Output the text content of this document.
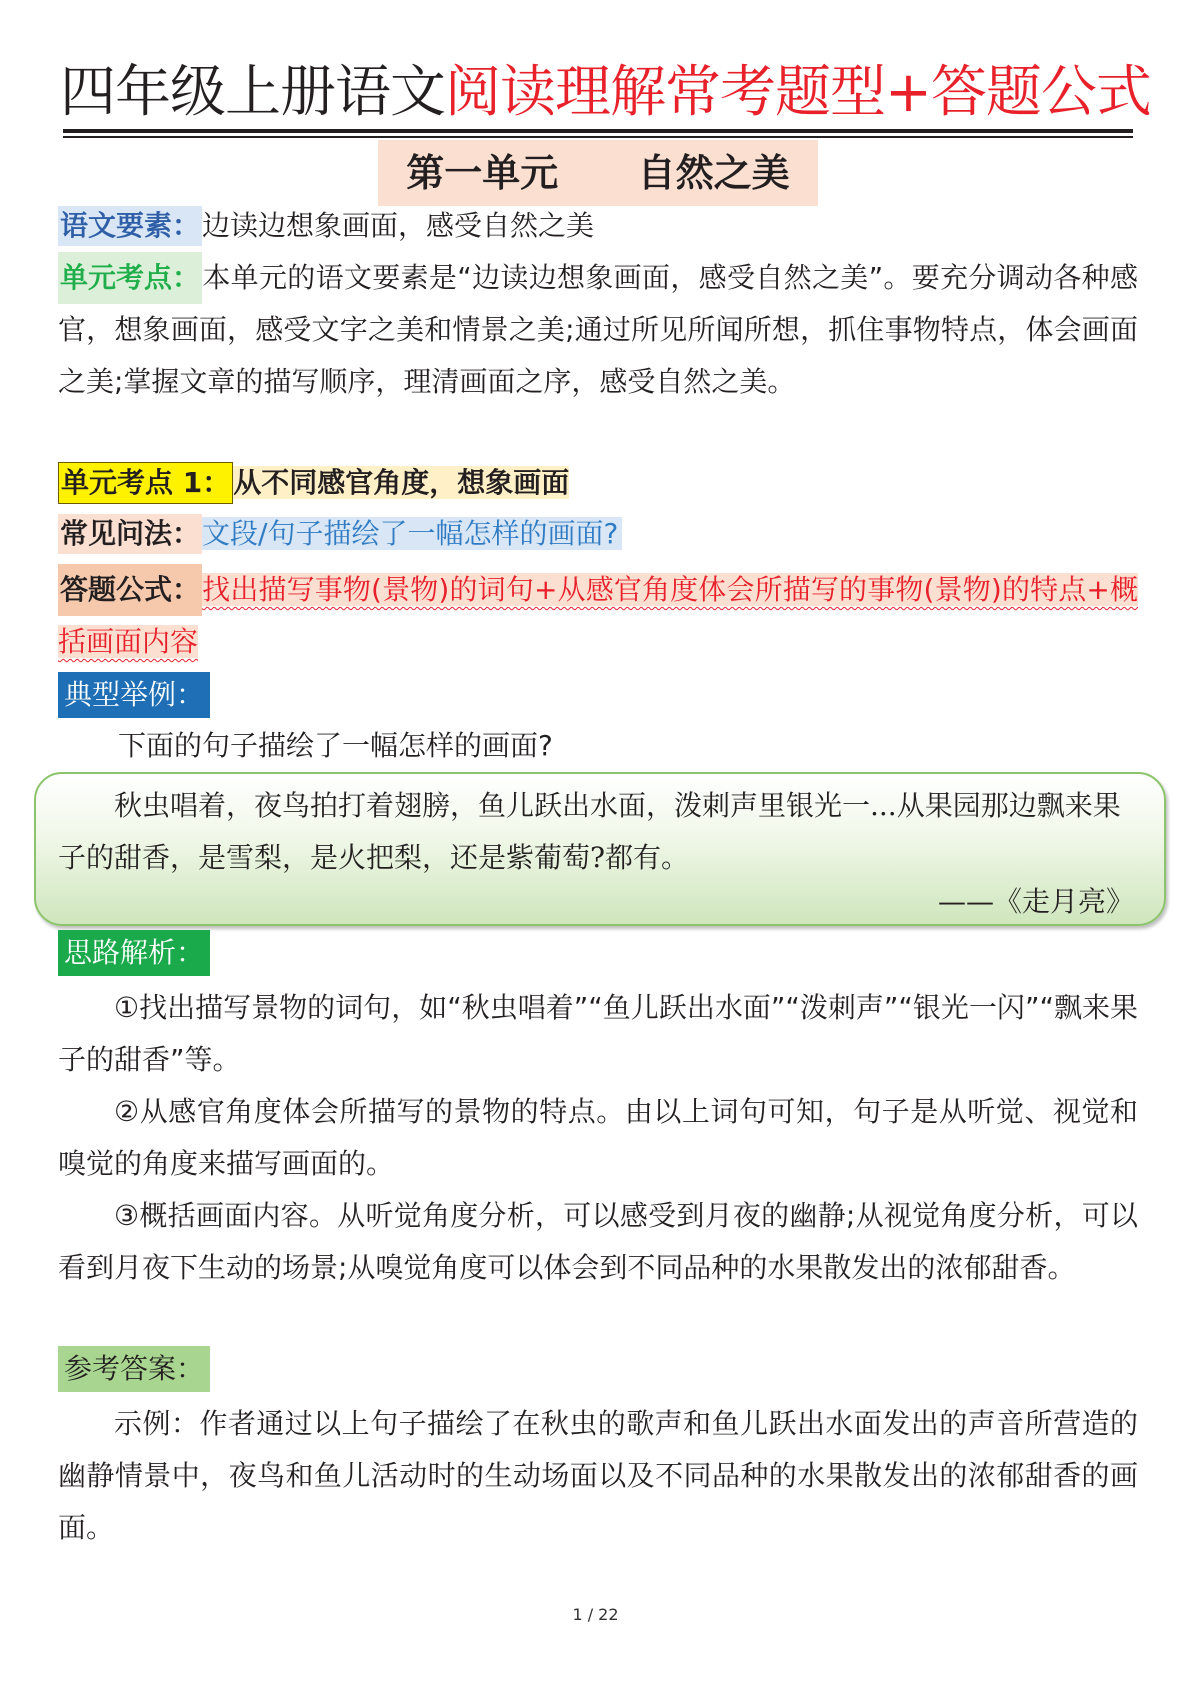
四年级上册语文阅读理解常考题型+答题公式
第一单元      自然之美
语文要素：边读边想象画面，感受自然之美
单元考点：本单元的语文要素是“边读边想象画面，感受自然之美”。要充分调动各种感官，想象画面，感受文字之美和情景之美;通过所见所闻所想，抓住事物特点，体会画面之美;掌握文章的描写顺序，理清画面之序，感受自然之美。
单元考点 1： 从不同感官角度，想象画面
常见问法：文段/句子描绘了一幅怎样的画面?
答题公式：找出描写事物(景物)的词句+从感官角度体会所描写的事物(景物)的特点+概括画面内容
典型举例：
下面的句子描绘了一幅怎样的画面?
秋虫唱着，夜鸟拍打着翅膀，鱼儿跃出水面，泼刺声里银光一...从果园那边飘来果子的甜香，是雪梨，是火把梨，还是紫葡萄?都有。
——《走月亮》
思路解析：
①找出描写景物的词句，如“秋虫唱着”“鱼儿跃出水面”“泼刺声”“银光一闪”“飘来果子的甜香”等。
②从感官角度体会所描写的景物的特点。由以上词句可知，句子是从听觉、视觉和嗅觉的角度来描写画面的。
③概括画面内容。从听觉角度分析，可以感受到月夜的幽静;从视觉角度分析，可以看到月夜下生动的场景;从嗅觉角度可以体会到不同品种的水果散发出的浓郁甜香。
参考答案：
示例：作者通过以上句子描绘了在秋虫的歌声和鱼儿跃出水面发出的声音所营造的幽静情景中，夜鸟和鱼儿活动时的生动场面以及不同品种的水果散发出的浓郁甜香的画面。
1 / 22
